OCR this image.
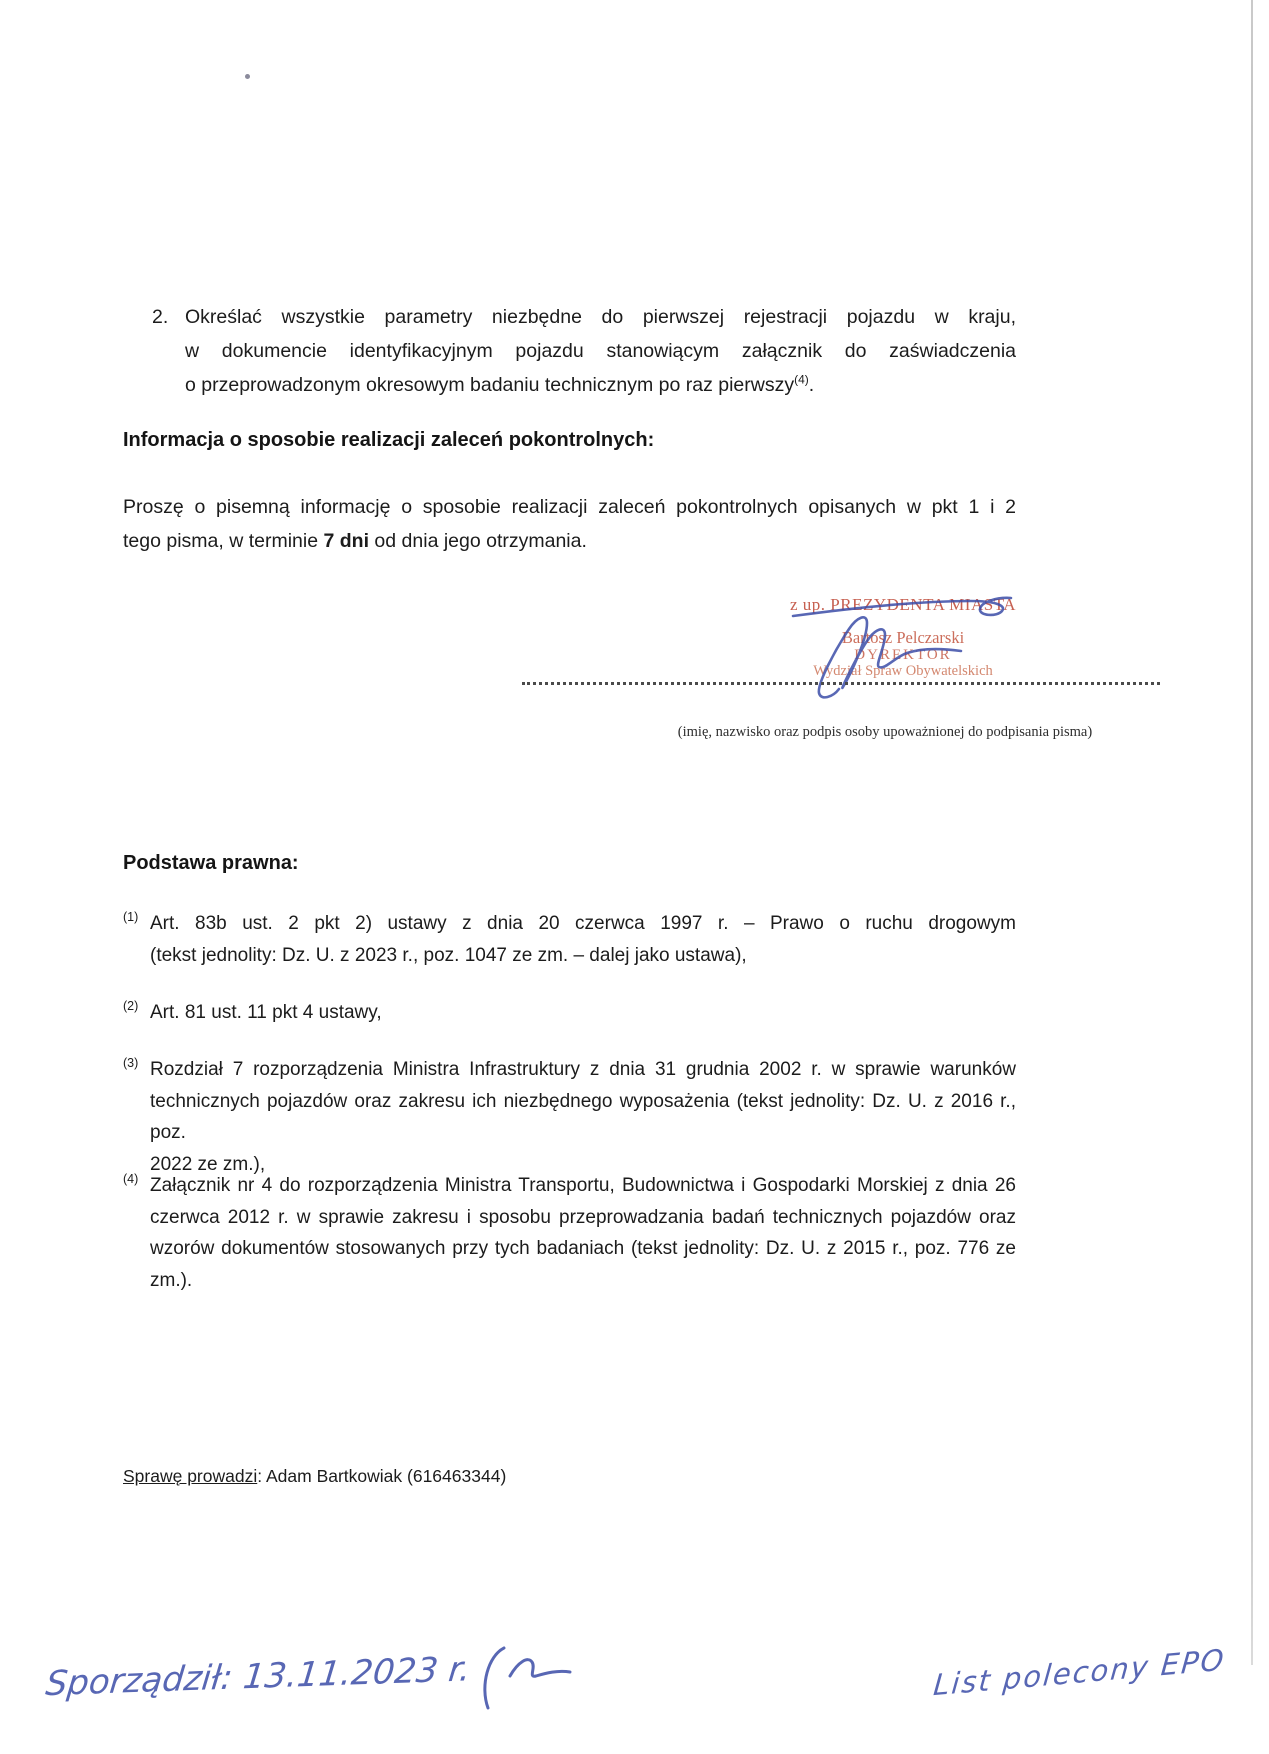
2. Określać wszystkie parametry niezbędne do pierwszej rejestracji pojazdu w kraju,
w dokumencie identyfikacyjnym pojazdu stanowiącym załącznik do zaświadczenia
o przeprowadzonym okresowym badaniu technicznym po raz pierwszy$^{(4)}$.
Informacja o sposobie realizacji zaleceń pokontrolnych:
Proszę o pisemną informację o sposobie realizacji zaleceń pokontrolnych opisanych w pkt 1 i 2
tego pisma, w terminie 7 dni od dnia jego otrzymania.
z up. PREZYDENTA MIASTA
Bartosz Pelczarski
DYREKTOR
Wydział Spraw Obywatelskich
(imię, nazwisko oraz podpis osoby upoważnionej do podpisania pisma)
Podstawa prawna:
(1) Art. 83b ust. 2 pkt 2) ustawy z dnia 20 czerwca 1997 r. – Prawo o ruchu drogowym
(tekst jednolity: Dz. U. z 2023 r., poz. 1047 ze zm. – dalej jako ustawa),
(2) Art. 81 ust. 11 pkt 4 ustawy,
(3) Rozdział 7 rozporządzenia Ministra Infrastruktury z dnia 31 grudnia 2002 r. w sprawie warunków
technicznych pojazdów oraz zakresu ich niezbędnego wyposażenia (tekst jednolity: Dz. U. z 2016 r., poz.
2022 ze zm.),
(4) Załącznik nr 4 do rozporządzenia Ministra Transportu, Budownictwa i Gospodarki Morskiej z dnia 26
czerwca 2012 r. w sprawie zakresu i sposobu przeprowadzania badań technicznych pojazdów oraz
wzorów dokumentów stosowanych przy tych badaniach (tekst jednolity: Dz. U. z 2015 r., poz. 776 ze
zm.).
Sprawę prowadzi: Adam Bartkowiak (616463344)
Sporządził: 13.11.2023 r.	List polecony EPO
